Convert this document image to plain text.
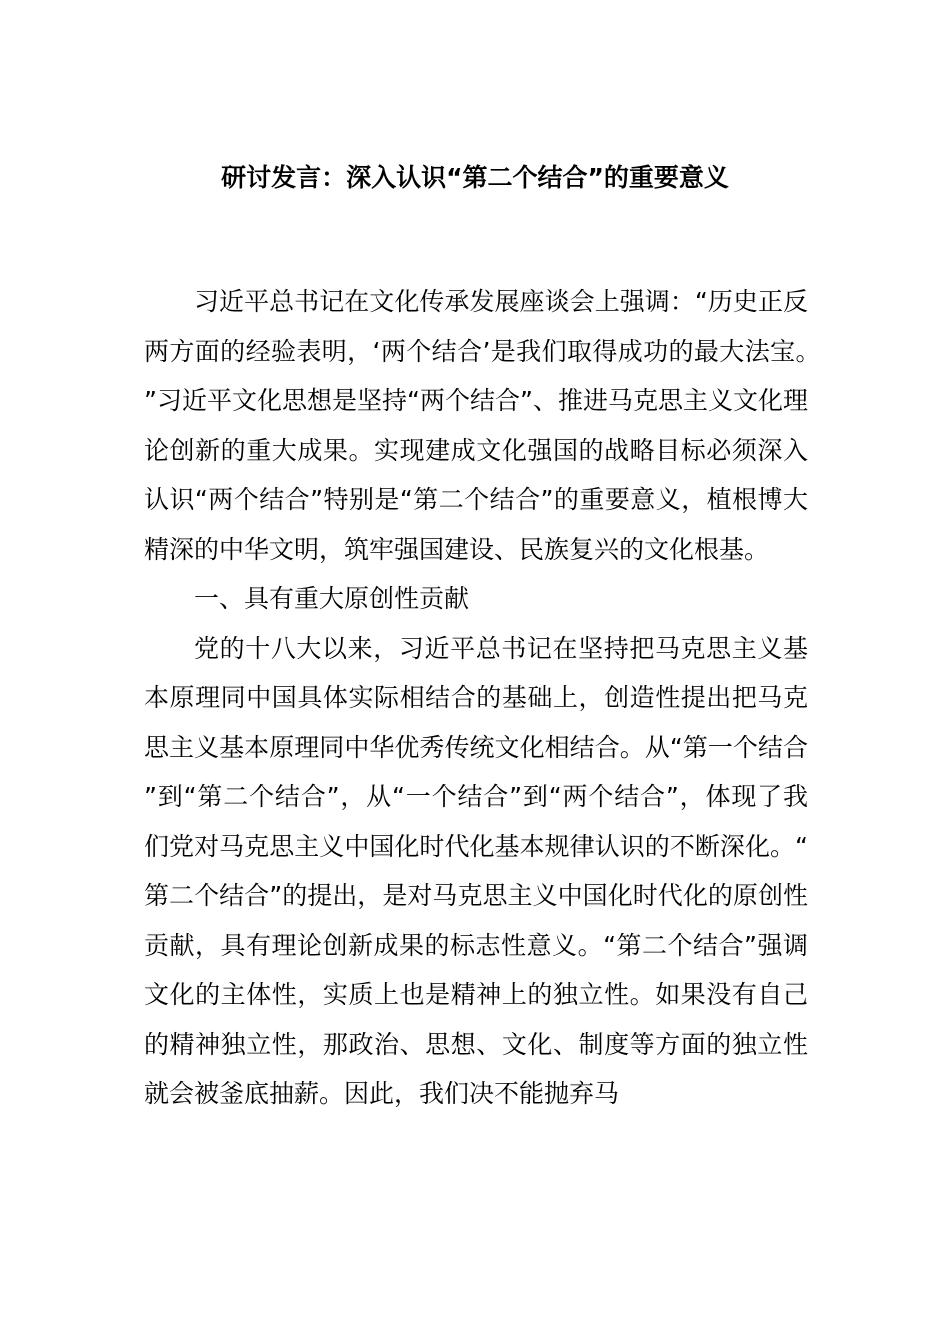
研讨发言：深入认识“第二个结合”的重要意义

习近平总书记在文化传承发展座谈会上强调：“历史正反两方面的经验表明，‘两个结合’是我们取得成功的最大法宝。”习近平文化思想是坚持“两个结合”、推进马克思主义文化理论创新的重大成果。实现建成文化强国的战略目标必须深入认识“两个结合”特别是“第二个结合”的重要意义，植根博大精深的中华文明，筑牢强国建设、民族复兴的文化根基。

一、具有重大原创性贡献

党的十八大以来，习近平总书记在坚持把马克思主义基本原理同中国具体实际相结合的基础上，创造性提出把马克思主义基本原理同中华优秀传统文化相结合。从“第一个结合”到“第二个结合”，从“一个结合”到“两个结合”，体现了我们党对马克思主义中国化时代化基本规律认识的不断深化。“第二个结合”的提出，是对马克思主义中国化时代化的原创性贡献，具有理论创新成果的标志性意义。“第二个结合”强调文化的主体性，实质上也是精神上的独立性。如果没有自己的精神独立性，那政治、思想、文化、制度等方面的独立性就会被釜底抽薪。因此，我们决不能抛弃马
